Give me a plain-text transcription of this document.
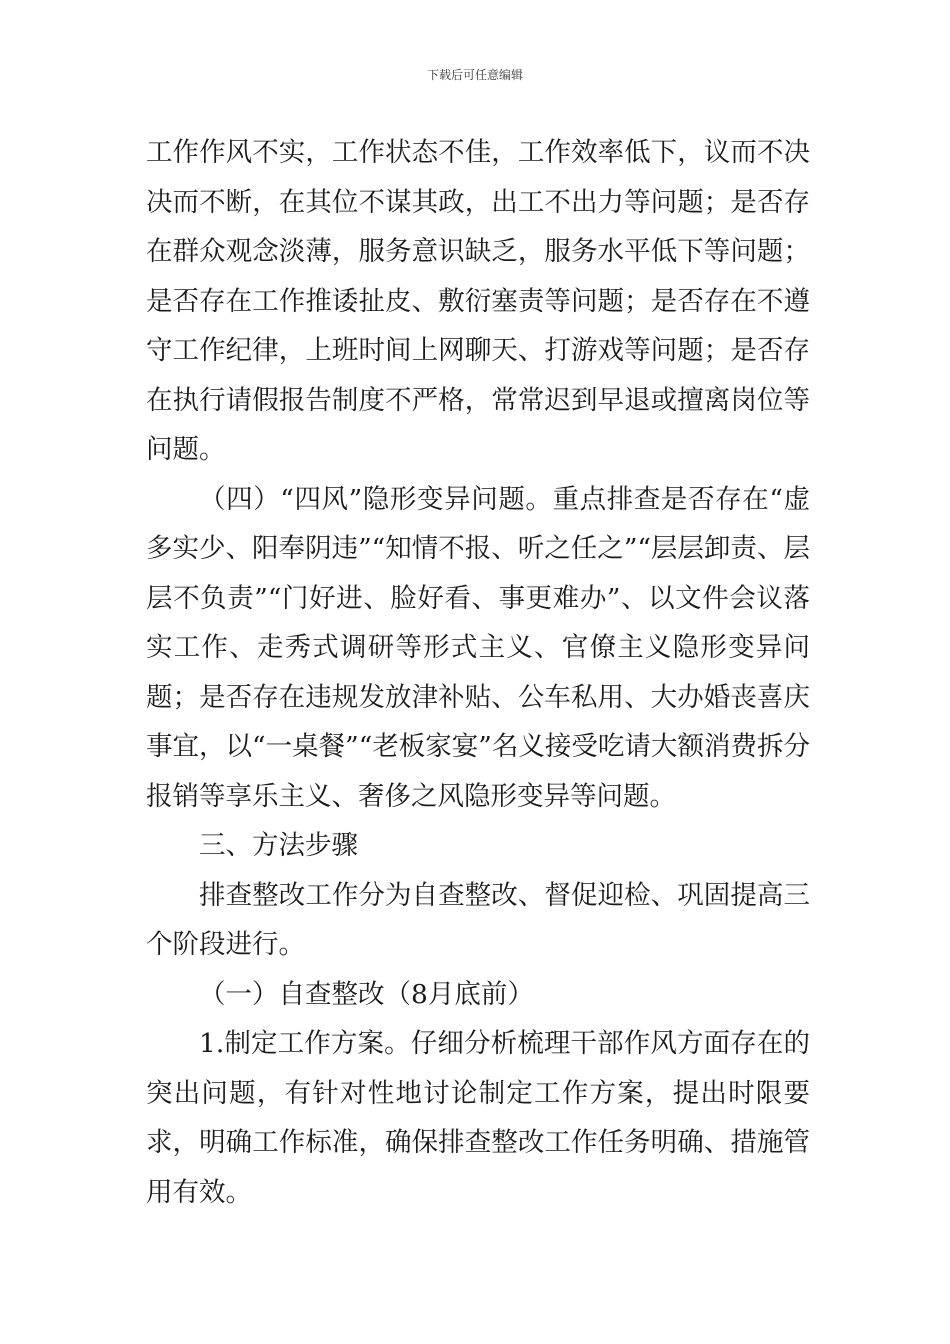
下载后可任意编辑

工作作风不实，工作状态不佳，工作效率低下，议而不决决而不断，在其位不谋其政，出工不出力等问题；是否存在群众观念淡薄，服务意识缺乏，服务水平低下等问题；是否存在工作推诿扯皮、敷衍塞责等问题；是否存在不遵守工作纪律，上班时间上网聊天、打游戏等问题；是否存在执行请假报告制度不严格，常常迟到早退或擅离岗位等问题。

（四）“四风”隐形变异问题。重点排查是否存在“虚多实少、阳奉阴违”“知情不报、听之任之”“层层卸责、层层不负责”“门好进、脸好看、事更难办”、以文件会议落实工作、走秀式调研等形式主义、官僚主义隐形变异问题；是否存在违规发放津补贴、公车私用、大办婚丧喜庆事宜，以“一桌餐”“老板家宴”名义接受吃请大额消费拆分报销等享乐主义、奢侈之风隐形变异等问题。

三、方法步骤

排查整改工作分为自查整改、督促迎检、巩固提高三个阶段进行。

（一）自查整改（8月底前）

1.制定工作方案。仔细分析梳理干部作风方面存在的突出问题，有针对性地讨论制定工作方案，提出时限要求，明确工作标准，确保排查整改工作任务明确、措施管用有效。
